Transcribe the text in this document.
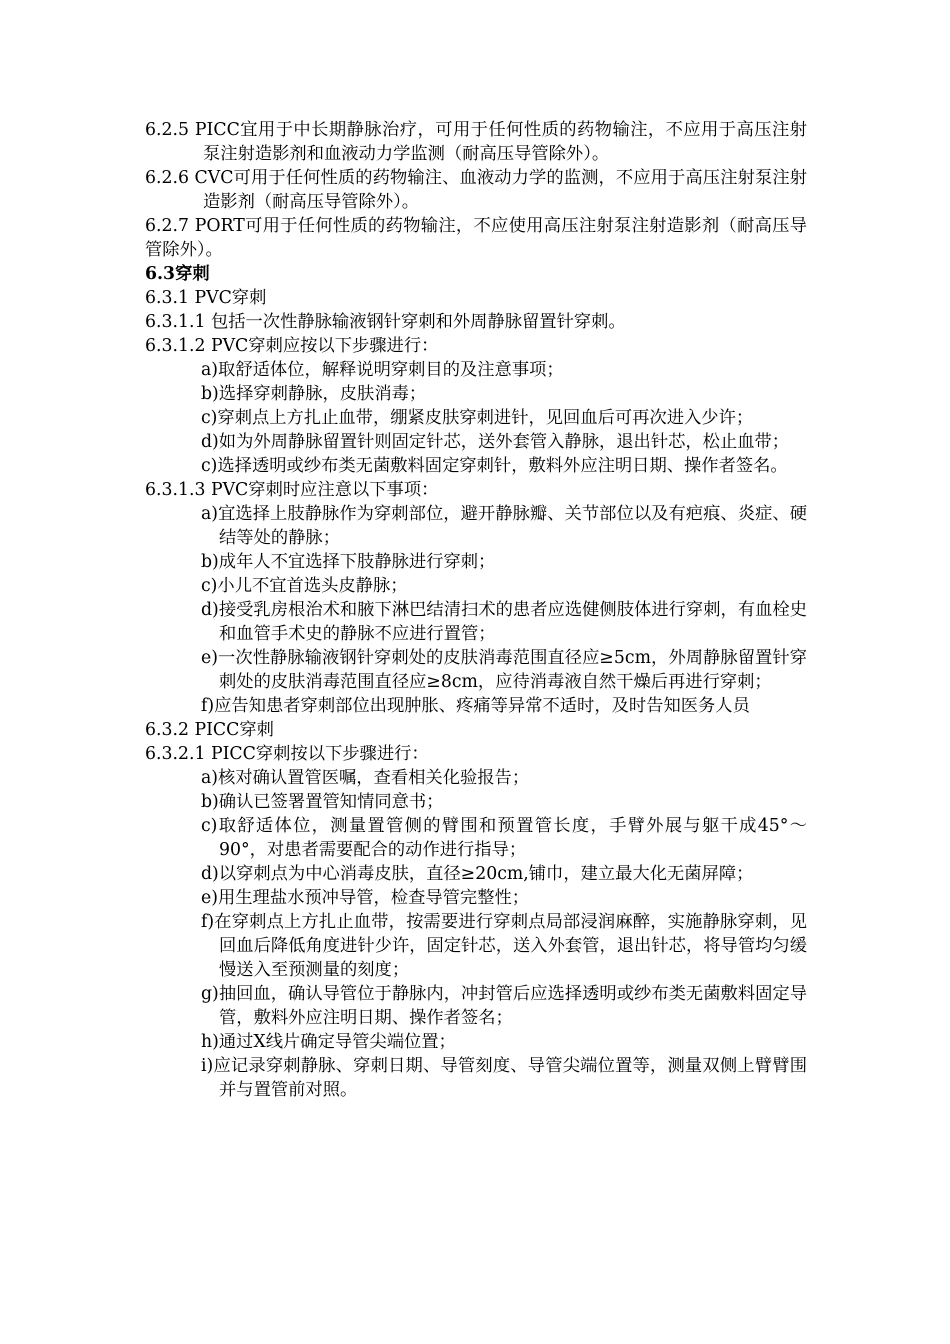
6.2.5 PICC宜用于中长期静脉治疗，可用于任何性质的药物输注，不应用于高压注射泵注射造影剂和血液动力学监测（耐高压导管除外）。

6.2.6 CVC可用于任何性质的药物输注、血液动力学的监测，不应用于高压注射泵注射造影剂（耐高压导管除外）。

6.2.7 PORT可用于任何性质的药物输注，不应使用高压注射泵注射造影剂（耐高压导管除外）。

6.3穿刺

6.3.1 PVC穿刺

6.3.1.1 包括一次性静脉输液钢针穿刺和外周静脉留置针穿刺。

6.3.1.2 PVC穿刺应按以下步骤进行：

a)取舒适体位，解释说明穿刺目的及注意事项；

b)选择穿刺静脉，皮肤消毒；

c)穿刺点上方扎止血带，绷紧皮肤穿刺进针，见回血后可再次进入少许；

d)如为外周静脉留置针则固定针芯，送外套管入静脉，退出针芯，松止血带；

c)选择透明或纱布类无菌敷料固定穿刺针，敷料外应注明日期、操作者签名。

6.3.1.3 PVC穿刺时应注意以下事项：

a)宜选择上肢静脉作为穿刺部位，避开静脉瓣、关节部位以及有疤痕、炎症、硬结等处的静脉；

b)成年人不宜选择下肢静脉进行穿刺；

c)小儿不宜首选头皮静脉；

d)接受乳房根治术和腋下淋巴结清扫术的患者应选健侧肢体进行穿刺，有血栓史和血管手术史的静脉不应进行置管；

e)一次性静脉输液钢针穿刺处的皮肤消毒范围直径应≥5cm，外周静脉留置针穿刺处的皮肤消毒范围直径应≥8cm，应待消毒液自然干燥后再进行穿刺；

f)应告知患者穿刺部位出现肿胀、疼痛等异常不适时，及时告知医务人员

6.3.2 PICC穿刺

6.3.2.1 PICC穿刺按以下步骤进行：

a)核对确认置管医嘱，查看相关化验报告；

b)确认已签署置管知情同意书；

c)取舒适体位，测量置管侧的臂围和预置管长度，手臂外展与躯干成45°～90°，对患者需要配合的动作进行指导；

d)以穿刺点为中心消毒皮肤，直径≥20cm,铺巾，建立最大化无菌屏障；

e)用生理盐水预冲导管，检查导管完整性；

f)在穿刺点上方扎止血带，按需要进行穿刺点局部浸润麻醉，实施静脉穿刺，见回血后降低角度进针少许，固定针芯，送入外套管，退出针芯，将导管均匀缓慢送入至预测量的刻度；

g)抽回血，确认导管位于静脉内，冲封管后应选择透明或纱布类无菌敷料固定导管，敷料外应注明日期、操作者签名；

h)通过X线片确定导管尖端位置；

i)应记录穿刺静脉、穿刺日期、导管刻度、导管尖端位置等，测量双侧上臂臂围并与置管前对照。
